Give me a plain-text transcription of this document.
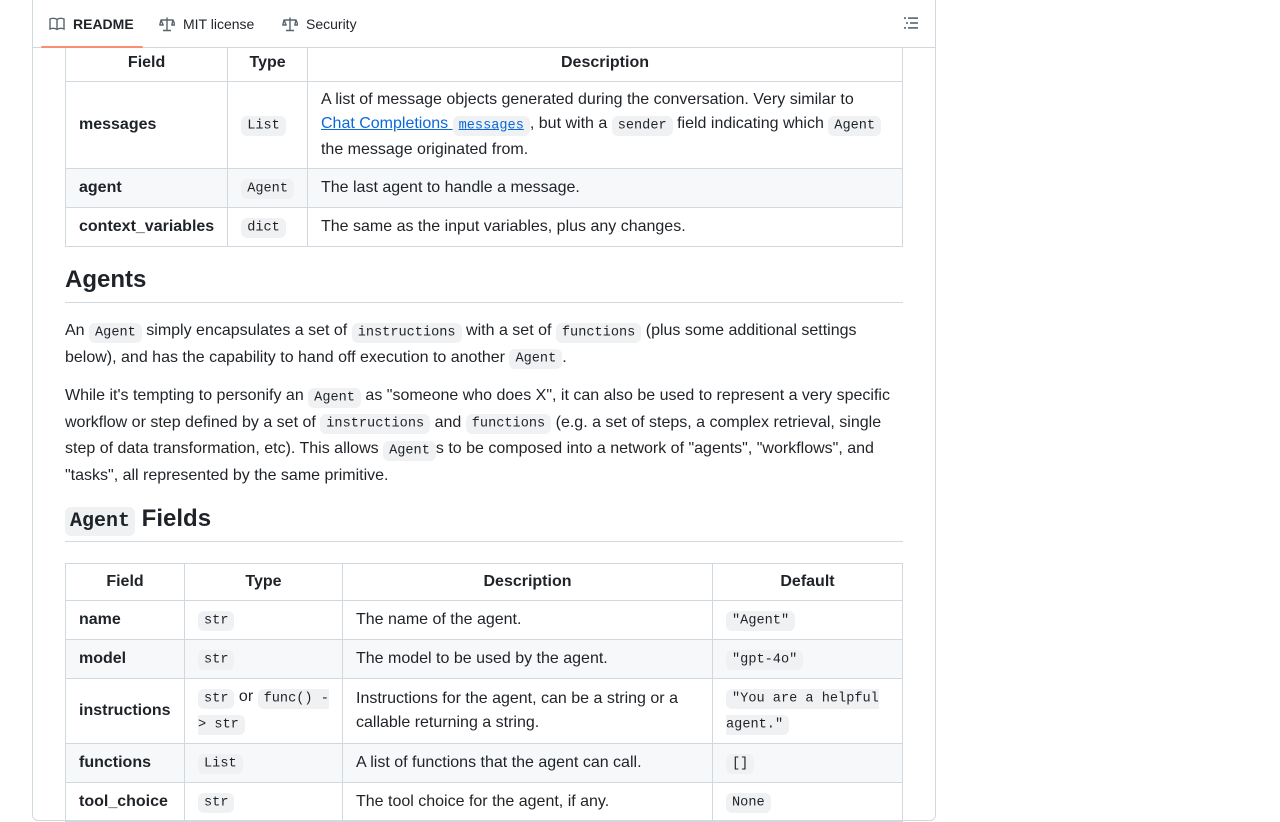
README	MIT license	Security
Field	Type	Description
messages	List	A list of message objects generated during the conversation. Very similar to Chat Completions messages , but with a sender field indicating which Agent the message originated from.
agent	Agent	The last agent to handle a message.
context_variables	dict	The same as the input variables, plus any changes.
Agents

An Agent simply encapsulates a set of instructions with a set of functions (plus some additional settings below), and has the capability to hand off execution to another Agent .

While it's tempting to personify an Agent as "someone who does X", it can also be used to represent a very specific workflow or step defined by a set of instructions and functions (e.g. a set of steps, a complex retrieval, single step of data transformation, etc). This allows Agent s to be composed into a network of "agents", "workflows", and "tasks", all represented by the same primitive.

Agent Fields
Field	Type	Description	Default
name	str	The name of the agent.	"Agent"
model	str	The model to be used by the agent.	"gpt-4o"
instructions	str or func() -> str	Instructions for the agent, can be a string or a callable returning a string.	"You are a helpful agent."
functions	List	A list of functions that the agent can call.	[]
tool_choice	str	The tool choice for the agent, if any.	None
